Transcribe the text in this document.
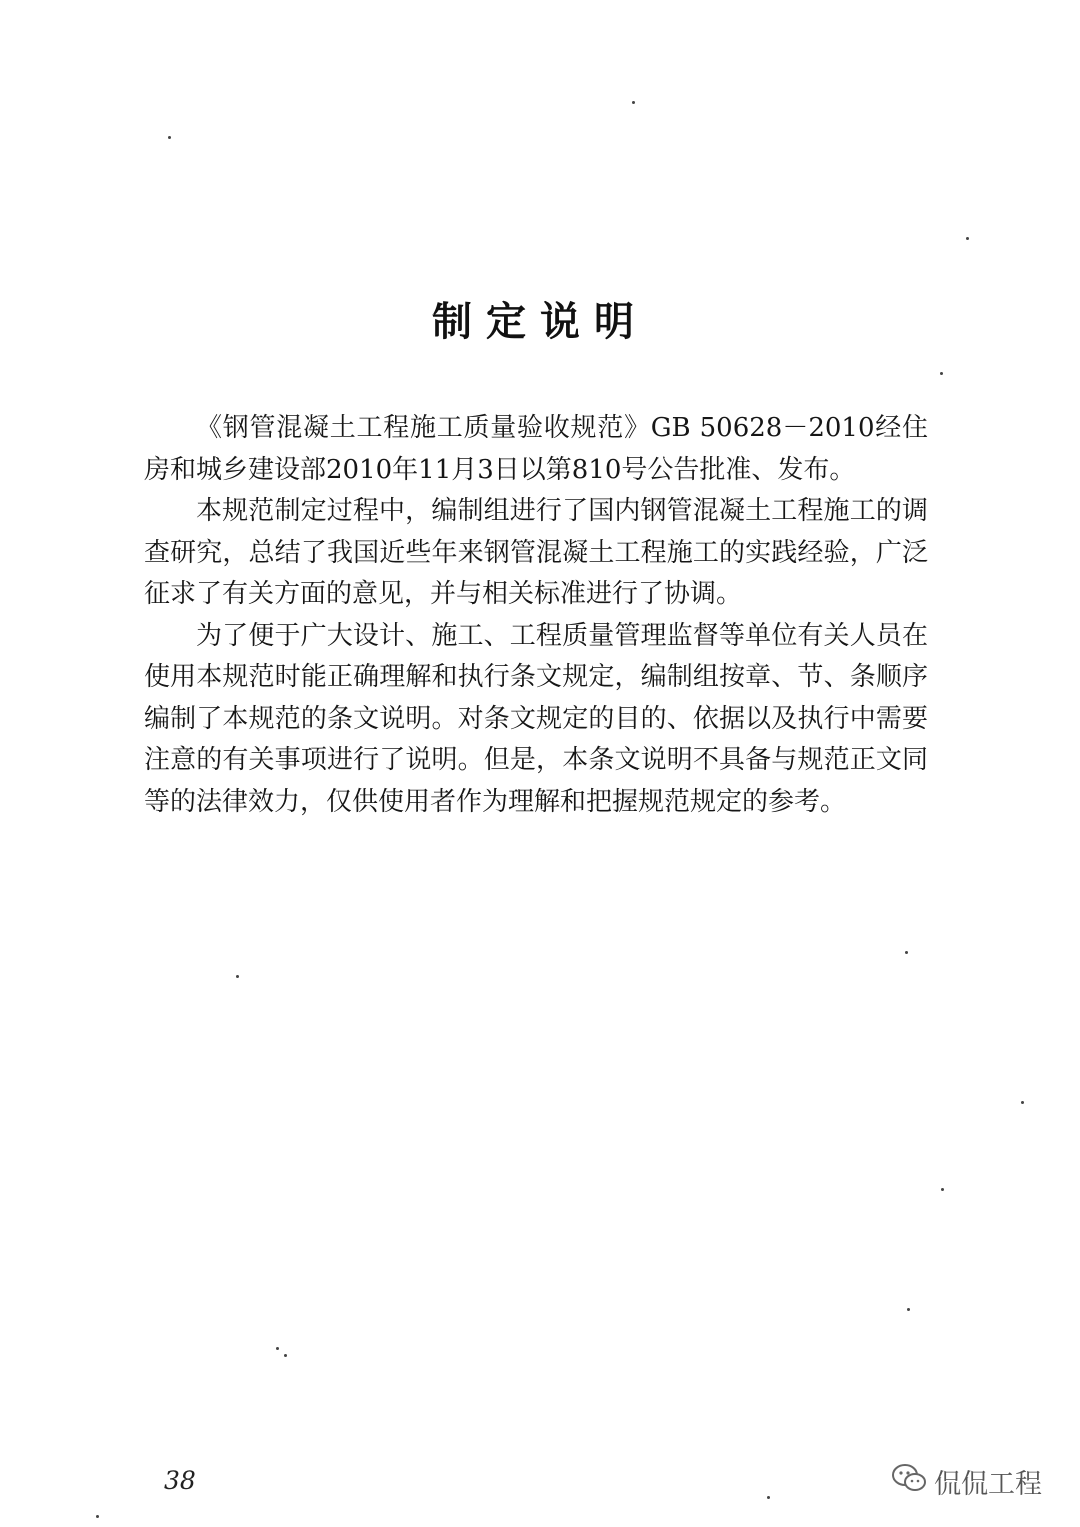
制定说明

《钢管混凝土工程施工质量验收规范》GB 50628－2010经住房和城乡建设部2010年11月3日以第810号公告批准、发布。

本规范制定过程中，编制组进行了国内钢管混凝土工程施工的调查研究，总结了我国近些年来钢管混凝土工程施工的实践经验，广泛征求了有关方面的意见，并与相关标准进行了协调。

为了便于广大设计、施工、工程质量管理监督等单位有关人员在使用本规范时能正确理解和执行条文规定，编制组按章、节、条顺序编制了本规范的条文说明。对条文规定的目的、依据以及执行中需要注意的有关事项进行了说明。但是，本条文说明不具备与规范正文同等的法律效力，仅供使用者作为理解和把握规范规定的参考。

38	侃侃工程
